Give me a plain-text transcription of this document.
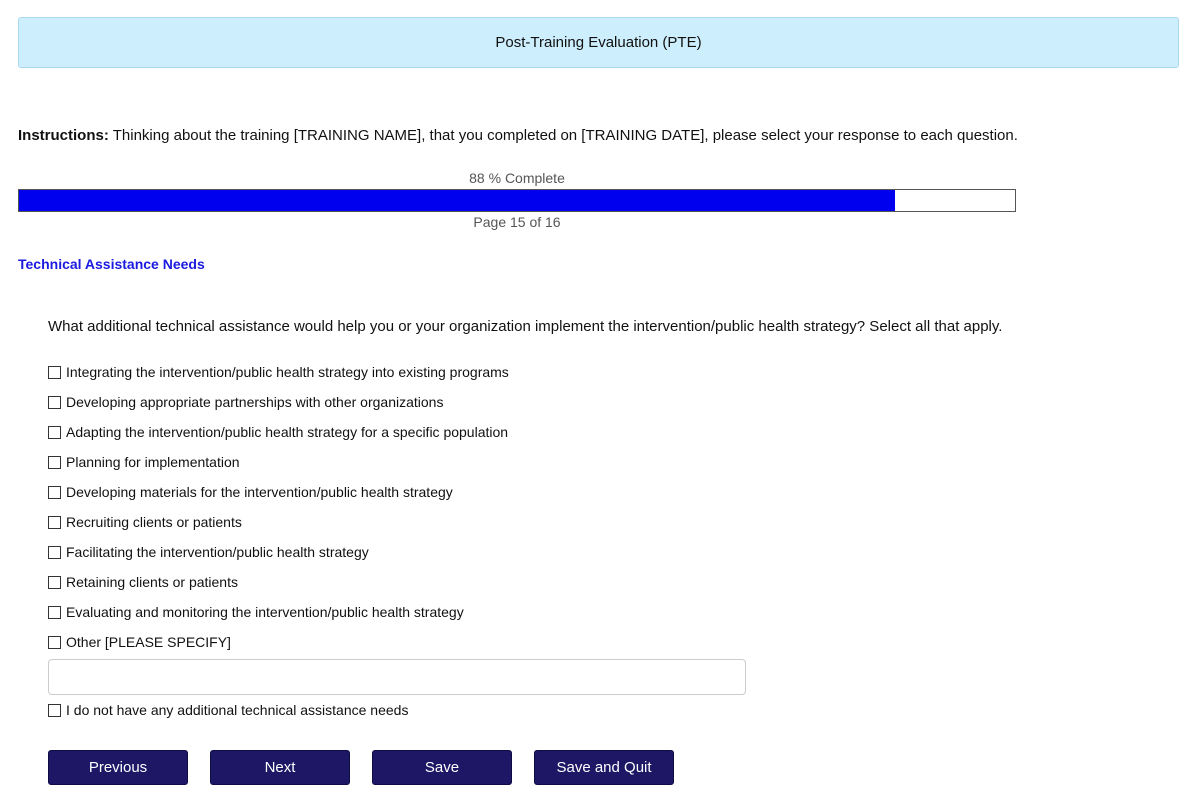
Post-Training Evaluation (PTE)
Instructions: Thinking about the training [TRAINING NAME], that you completed on [TRAINING DATE], please select your response to each question.
88 % Complete
Page 15 of 16
Technical Assistance Needs
What additional technical assistance would help you or your organization implement the intervention/public health strategy? Select all that apply.
Integrating the intervention/public health strategy into existing programs
Developing appropriate partnerships with other organizations
Adapting the intervention/public health strategy for a specific population
Planning for implementation
Developing materials for the intervention/public health strategy
Recruiting clients or patients
Facilitating the intervention/public health strategy
Retaining clients or patients
Evaluating and monitoring the intervention/public health strategy
Other [PLEASE SPECIFY]
I do not have any additional technical assistance needs
Previous	Next	Save	Save and Quit
